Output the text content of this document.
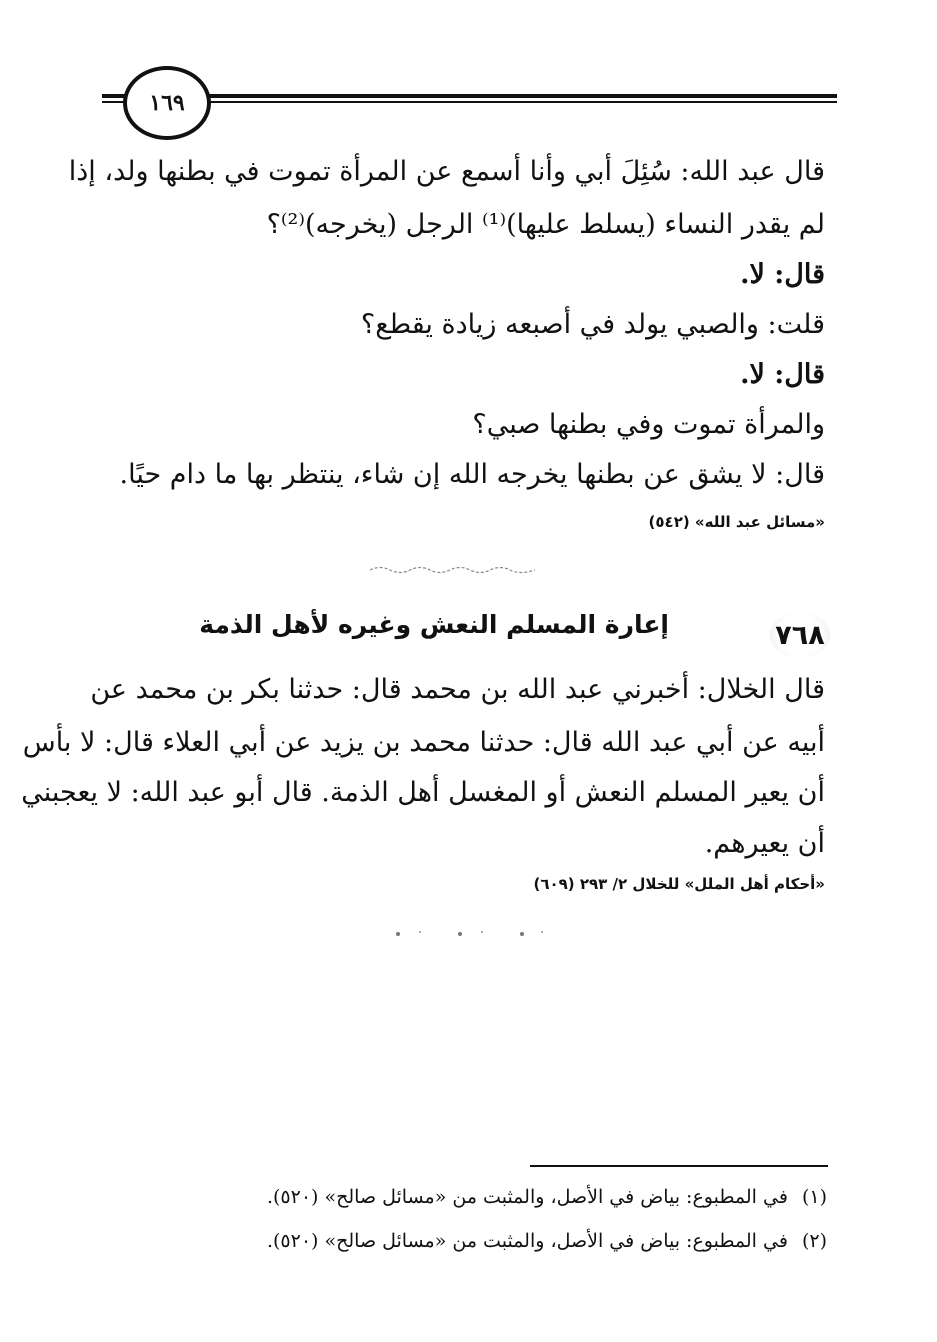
١٦٩
قال عبد الله: سُئِلَ أبي وأنا أسمع عن المرأة تموت في بطنها ولد، إذا
لم يقدر النساء (يسلط عليها)⁽¹⁾ الرجل (يخرجه)⁽²⁾؟
قال: لا.
قلت: والصبي يولد في أصبعه زيادة يقطع؟
قال: لا.
والمرأة تموت وفي بطنها صبي؟
قال: لا يشق عن بطنها يخرجه الله إن شاء، ينتظر بها ما دام حيًا.
«مسائل عبد الله» (٥٤٢)
٧٦٨
إعارة المسلم النعش وغيره لأهل الذمة
قال الخلال: أخبرني عبد الله بن محمد قال: حدثنا بكر بن محمد عن
أبيه عن أبي عبد الله قال: حدثنا محمد بن يزيد عن أبي العلاء قال: لا بأس
أن يعير المسلم النعش أو المغسل أهل الذمة. قال أبو عبد الله: لا يعجبني
أن يعيرهم.
«أحكام أهل الملل» للخلال ٢/ ٢٩٣ (٦٠٩)
(١)في المطبوع: بياض في الأصل، والمثبت من «مسائل صالح» (٥٢٠).
(٢)في المطبوع: بياض في الأصل، والمثبت من «مسائل صالح» (٥٢٠).
